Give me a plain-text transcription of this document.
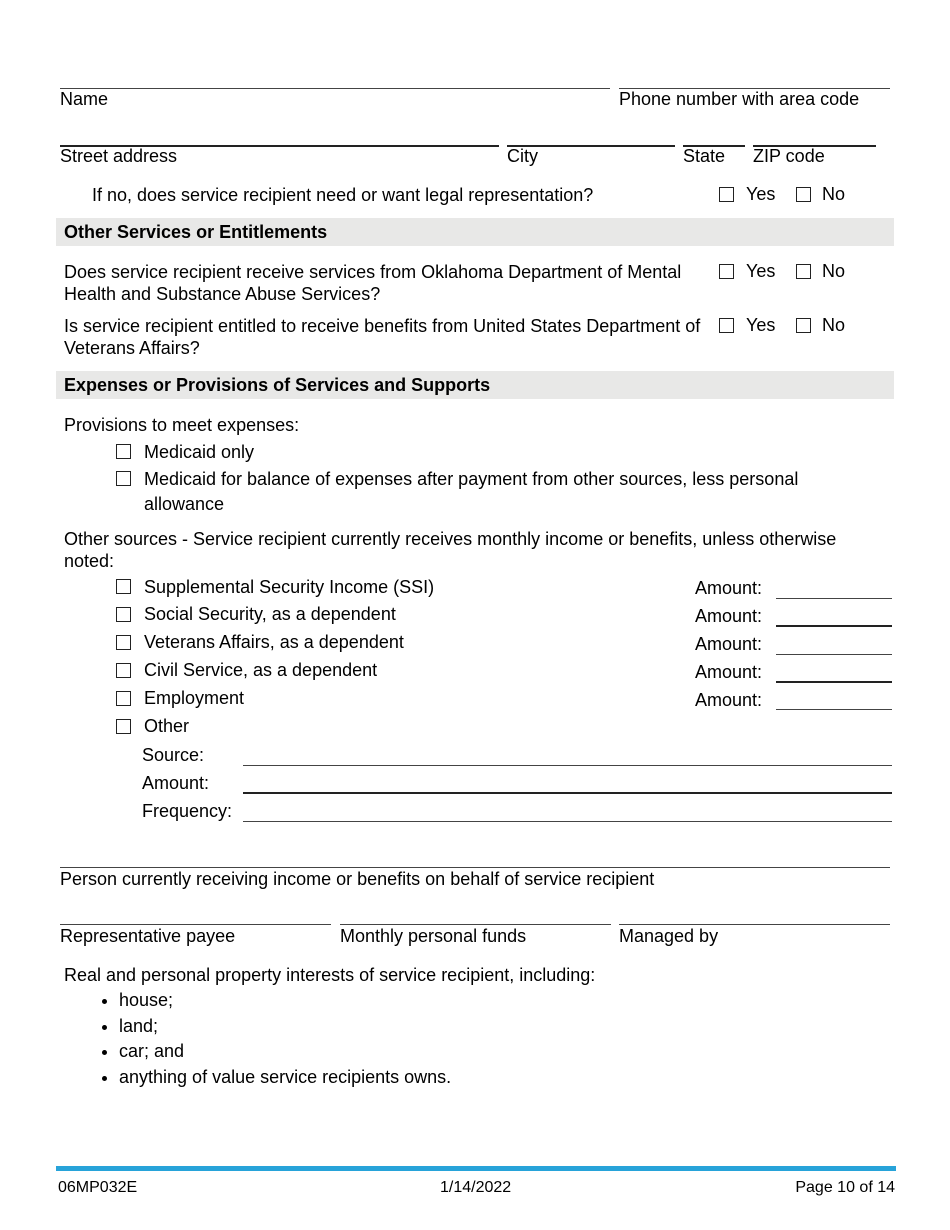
Name	Phone number with area code
Street address	City	State ZIP code
If no, does service recipient need or want legal representation?	Yes	No
Other Services or Entitlements
Does service recipient receive services from Oklahoma Department of Mental Health and Substance Abuse Services?
Yes	No
Is service recipient entitled to receive benefits from United States Department of Veterans Affairs?
Yes	No
Expenses or Provisions of Services and Supports
Provisions to meet expenses:
Medicaid only
Medicaid for balance of expenses after payment from other sources, less personal allowance
Other sources - Service recipient currently receives monthly income or benefits, unless otherwise noted:
Supplemental Security Income (SSI)	Amount:
Social Security, as a dependent	Amount:
Veterans Affairs, as a dependent	Amount:
Civil Service, as a dependent	Amount:
Employment	Amount:
Other
Source:
Amount:
Frequency:
Person currently receiving income or benefits on behalf of service recipient
Representative payee	Monthly personal funds	Managed by
Real and personal property interests of service recipient, including:
• house;
• land;
• car; and
• anything of value service recipients owns.
06MP032E	1/14/2022	Page 10 of 14
